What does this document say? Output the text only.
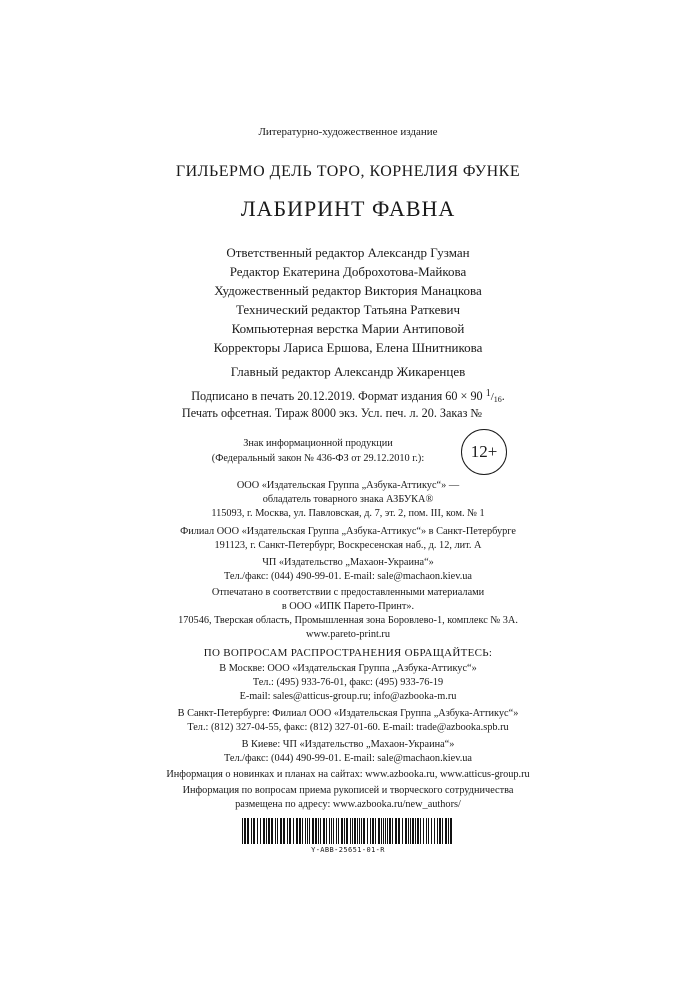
Литературно-художественное издание
ГИЛЬЕРМО ДЕЛЬ ТОРО, КОРНЕЛИЯ ФУНКЕ
ЛАБИРИНТ ФАВНА
Ответственный редактор Александр Гузман
Редактор Екатерина Доброхотова-Майкова
Художественный редактор Виктория Манацкова
Технический редактор Татьяна Раткевич
Компьютерная верстка Марии Антиповой
Корректоры Лариса Ершова, Елена Шнитникова
Главный редактор Александр Жикаренцев
Подписано в печать 20.12.2019. Формат издания 60 × 90 $^1$/16.
Печать офсетная. Тираж 8000 экз. Усл. печ. л. 20. Заказ №
Знак информационной продукции
(Федеральный закон № 436-ФЗ от 29.12.2010 г.):	12+
ООО «Издательская Группа „Азбука-Аттикус“» —
обладатель товарного знака АЗБУКА®
115093, г. Москва, ул. Павловская, д. 7, эт. 2, пом. III, ком. № 1
Филиал ООО «Издательская Группа „Азбука-Аттикус“» в Санкт-Петербурге
191123, г. Санкт-Петербург, Воскресенская наб., д. 12, лит. А
ЧП «Издательство „Махаон-Украина“»
Тел./факс: (044) 490-99-01. E-mail: sale@machaon.kiev.ua
Отпечатано в соответствии с предоставленными материалами
в ООО «ИПК Парето-Принт».
170546, Тверская область, Промышленная зона Боровлево-1, комплекс № 3А.
www.pareto-print.ru
ПО ВОПРОСАМ РАСПРОСТРАНЕНИЯ ОБРАЩАЙТЕСЬ:
В Москве: ООО «Издательская Группа „Азбука-Аттикус“»
Тел.: (495) 933-76-01, факс: (495) 933-76-19
E-mail: sales@atticus-group.ru; info@azbooka-m.ru
В Санкт-Петербурге: Филиал ООО «Издательская Группа „Азбука-Аттикус“»
Тел.: (812) 327-04-55, факс: (812) 327-01-60. E-mail: trade@azbooka.spb.ru
В Киеве: ЧП «Издательство „Махаон-Украина“»
Тел./факс: (044) 490-99-01. E-mail: sale@machaon.kiev.ua
Информация о новинках и планах на сайтах: www.azbooka.ru, www.atticus-group.ru
Информация по вопросам приема рукописей и творческого сотрудничества
размещена по адресу: www.azbooka.ru/new_authors/
Y-ABB-25651-01-R
